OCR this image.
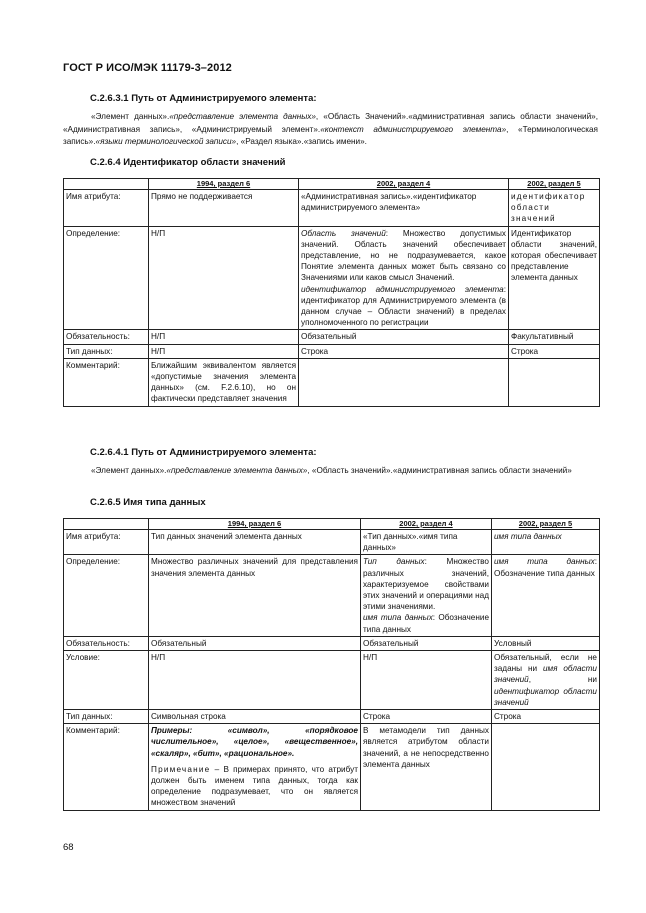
ГОСТ Р ИСО/МЭК 11179-3–2012
С.2.6.3.1 Путь от Администрируемого элемента:
«Элемент данных».«представление элемента данных», «Область Значений».«административная запись области значений», «Административная запись», «Администрируемый элемент».«контекст администрируемого элемента», «Терминологическая запись».«языки терминологической записи», «Раздел языка».«запись имени».
С.2.6.4 Идентификатор области значений
	1994, раздел 6	2002, раздел 4	2002, раздел 5
Имя атрибута:	Прямо не поддерживается	«Административная запись».«идентификатор администрируемого элемента»	идентификатор области значений
Определение:	Н/П	Область значений: Множество допустимых значений. Область значений обеспечивает представление, но не подразумевается, какое Понятие элемента данных может быть связано со Значениями или каков смысл Значений.
идентификатор администрируемого элемента: идентификатор для Администрируемого элемента (в данном случае – Области значений) в пределах уполномоченного по регистрации	Идентификатор области значений, которая обеспечивает представление элемента данных
Обязательность:	Н/П	Обязательный	Факультативный
Тип данных:	Н/П	Строка	Строка
Комментарий:	Ближайшим эквивалентом является «допустимые значения элемента данных» (см. F.2.6.10), но он фактически представляет значения		
С.2.6.4.1 Путь от Администрируемого элемента:
«Элемент данных».«представление элемента данных», «Область значений».«административная запись области значений»
С.2.6.5 Имя типа данных
	1994, раздел 6	2002, раздел 4	2002, раздел 5
Имя атрибута:	Тип данных значений элемента данных	«Тип данных».«имя типа данных»	имя типа данных
Определение:	Множество различных значений для представления значения элемента данных	Тип данных: Множество различных значений, характеризуемое свойствами этих значений и операциями над этими значениями.
имя типа данных: Обозначение типа данных	имя типа данных: Обозначение типа данных
Обязательность:	Обязательный	Обязательный	Условный
Условие:	Н/П	Н/П	Обязательный, если не заданы ни имя области значений, ни идентификатор области значений
Тип данных:	Символьная строка	Строка	Строка
Комментарий:	Примеры: «символ», «порядковое числительное», «целое», «вещественное», «скаляр», «бит», «рациональное».
Примечание – В примерах принято, что атрибут должен быть именем типа данных, тогда как определение подразумевает, что он является множеством значений	В метамодели тип данных является атрибутом области значений, а не непосредственно элемента данных	
68
